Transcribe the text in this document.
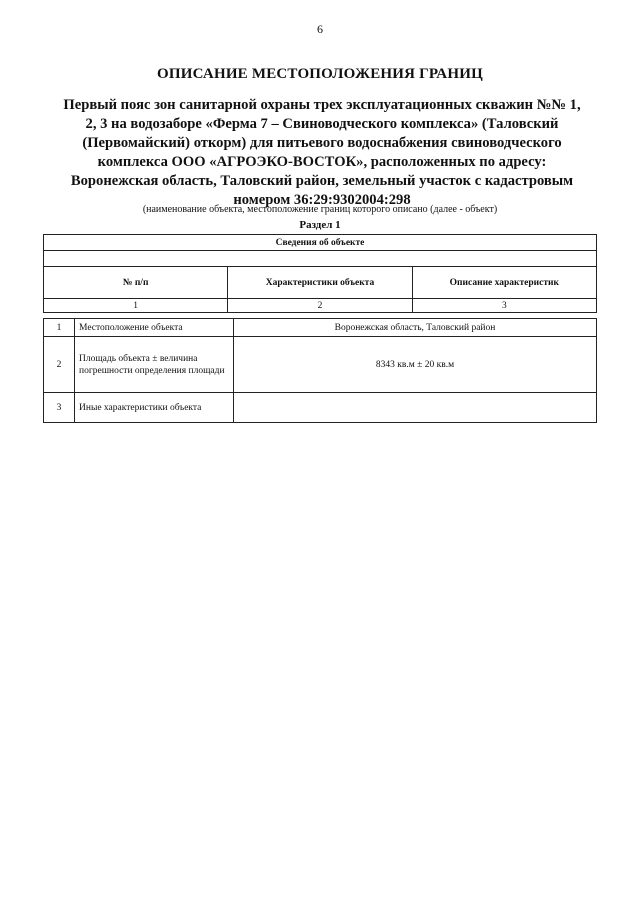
6
ОПИСАНИЕ МЕСТОПОЛОЖЕНИЯ ГРАНИЦ
Первый пояс зон санитарной охраны трех эксплуатационных скважин №№ 1,
2, 3 на водозаборе «Ферма 7 – Свиноводческого комплекса» (Таловский
(Первомайский) откорм) для питьевого водоснабжения свиноводческого
комплекса ООО «АГРОЭКО-ВОСТОК», расположенных по адресу:
Воронежская область, Таловский район, земельный участок с кадастровым
номером 36:29:9302004:298
(наименование объекта, местоположение границ которого описано (далее - объект)
Раздел 1
Сведения об объекте		

№ п/п	Характеристики объекта	Описание характеристик
1	2	3
1	Местоположение объекта	Воронежская область, Таловский район
2	Площадь объекта ± величина погрешности определения площади	8343 кв.м ± 20 кв.м
3	Иные характеристики объекта	
